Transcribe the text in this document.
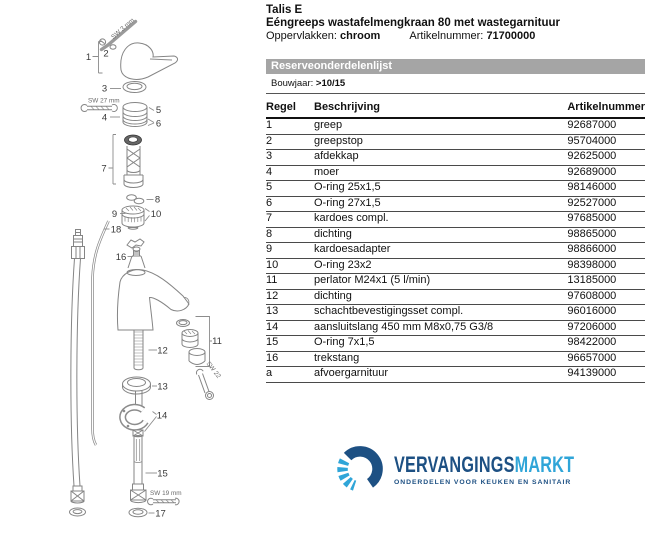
SW 3 mm
1 2
3
SW 27 mm
4
5
6
7
8
9	10
18
16
12
11
SW 22
13
14
15
SW 19 mm
17
Talis E
Eéngreeps wastafelmengkraan 80 met wastegarnituur
Oppervlakken: chroom	Artikelnummer: 71700000
Reserveonderdelenlijst
Bouwjaar: >10/15
Regel	Beschrijving	Artikelnummer
1	greep	92687000
2	greepstop	95704000
3	afdekkap	92625000
4	moer	92689000
5	O-ring 25x1,5	98146000
6	O-ring 27x1,5	92527000
7	kardoes compl.	97685000
8	dichting	98865000
9	kardoesadapter	98866000
10	O-ring 23x2	98398000
11	perlator M24x1 (5 l/min)	13185000
12	dichting	97608000
13	schachtbevestigingsset compl.	96016000
14	aansluitslang 450 mm M8x0,75 G3/8	97206000
15	O-ring 7x1,5	98422000
16	trekstang	96657000
a	afvoergarnituur	94139000
VERVANGINGSMARKT
ONDERDELEN VOOR KEUKEN EN SANITAIR
